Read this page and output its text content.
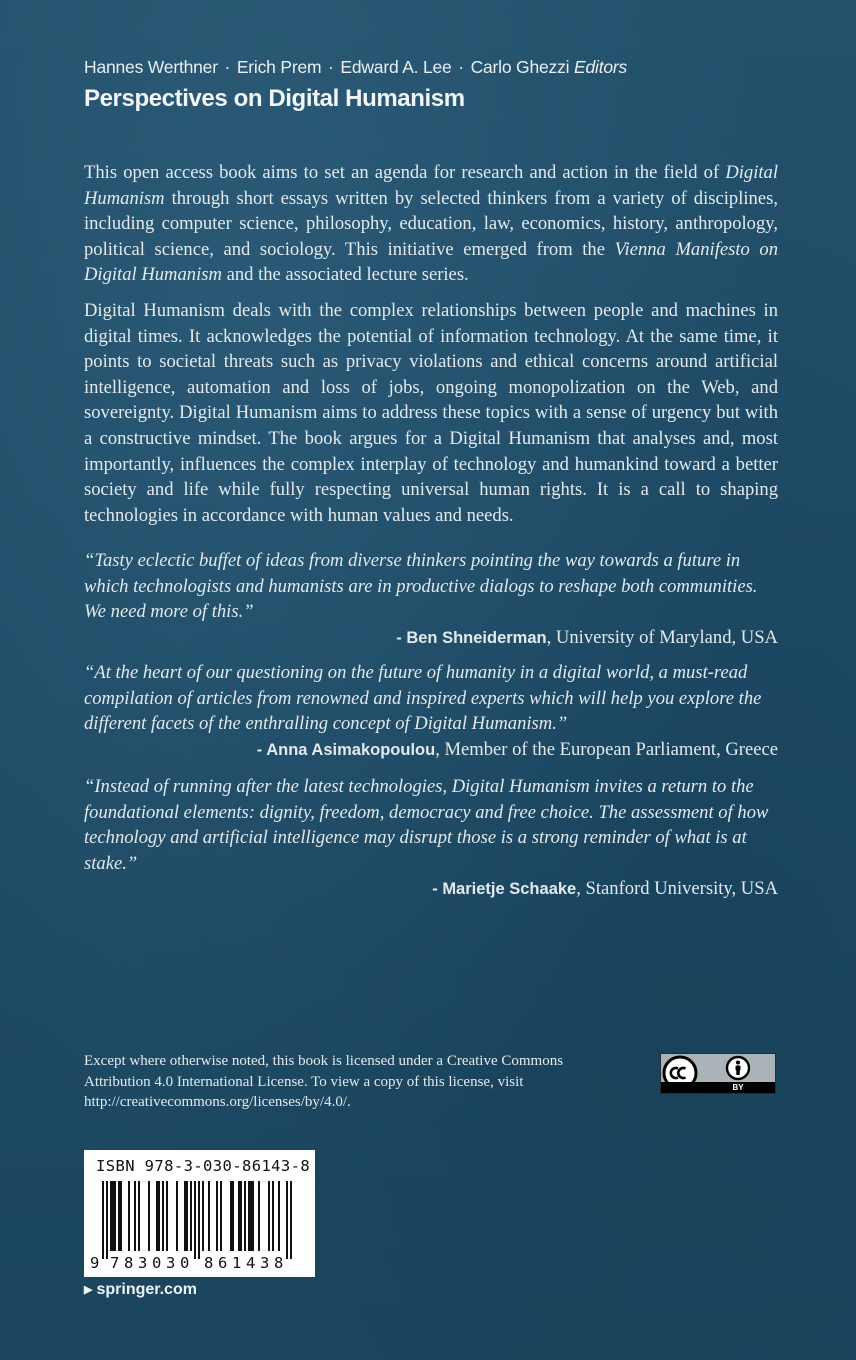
Hannes Werthner · Erich Prem · Edward A. Lee · Carlo Ghezzi Editors
Perspectives on Digital Humanism

This open access book aims to set an agenda for research and action in the field of Digital Humanism through short essays written by selected thinkers from a variety of disciplines, including computer science, philosophy, education, law, economics, history, anthropology, political science, and sociology. This initiative emerged from the Vienna Manifesto on Digital Humanism and the associated lecture series.

Digital Humanism deals with the complex relationships between people and machines in digital times. It acknowledges the potential of information technology. At the same time, it points to societal threats such as privacy violations and ethical concerns around artificial intelligence, automation and loss of jobs, ongoing monopolization on the Web, and sovereignty. Digital Humanism aims to address these topics with a sense of urgency but with a constructive mindset. The book argues for a Digital Humanism that analyses and, most importantly, influences the complex interplay of technology and humankind toward a better society and life while fully respecting universal human rights. It is a call to shaping technologies in accordance with human values and needs.

“Tasty eclectic buffet of ideas from diverse thinkers pointing the way towards a future in which technologists and humanists are in productive dialogs to reshape both communities. We need more of this.”

- Ben Shneiderman, University of Maryland, USA

“At the heart of our questioning on the future of humanity in a digital world, a must-read compilation of articles from renowned and inspired experts which will help you explore the different facets of the enthralling concept of Digital Humanism.”

- Anna Asimakopoulou, Member of the European Parliament, Greece

“Instead of running after the latest technologies, Digital Humanism invites a return to the foundational elements: dignity, freedom, democracy and free choice. The assessment of how technology and artificial intelligence may disrupt those is a strong reminder of what is at stake.”

- Marietje Schaake, Stanford University, USA

Except where otherwise noted, this book is licensed under a Creative Commons Attribution 4.0 International License. To view a copy of this license, visit http://creativecommons.org/licenses/by/4.0/.

BY
ISBN 978-3-030-86143-8
9 7 8 3 0 3 0 8 6 1 4 3 8
▶ springer.com
